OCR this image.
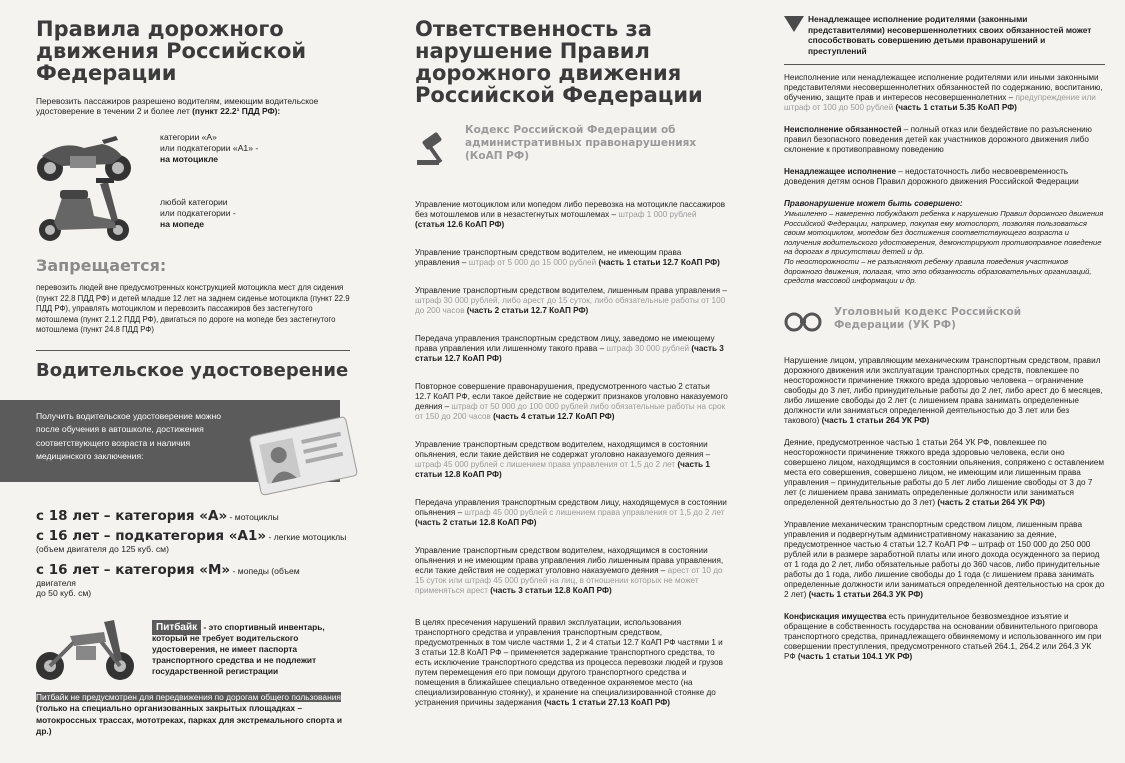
Правила дорожного движения Российской Федерации
Перевозить пассажиров разрешено водителям, имеющим водительское удостоверение в течении 2 и более лет (пункт 22.2¹ ПДД РФ):
категории «А»
или подкатегории «А1» -
на мотоцикле
любой категории
или подкатегории -
на мопеде
Запрещается:
перевозить людей вне предусмотренных конструкцией мотоцикла мест для сидения (пункт 22.8 ПДД РФ) и детей младше 12 лет на заднем сиденье мотоцикла (пункт 22.9 ПДД РФ), управлять мотоциклом и перевозить пассажиров без застегнутого мотошлема (пункт 2.1.2 ПДД РФ), двигаться по дороге на мопеде без застегнутого мотошлема (пункт 24.8 ПДД РФ)
Водительское удостоверение
Получить водительское удостоверение можно после обучения в автошколе, достижения соответствующего возраста и наличия медицинского заключения:
с 18 лет – категория «А» - мотоциклы
с 16 лет – подкатегория «А1» - легкие мотоциклы
(объем двигателя до 125 куб. см)
с 16 лет – категория «М» - мопеды (объем двигателя
до 50 куб. см)
Питбайк - это спортивный инвентарь, который не требует водительского удостоверения, не имеет паспорта транспортного средства и не подлежит государственной регистрации
Питбайк не предусмотрен для передвижения по дорогам общего пользования (только на специально организованных закрытых площадках – мотокроссных трассах, мототреках, парках для экстремального спорта и др.)
Ответственность за нарушение Правил дорожного движения Российской Федерации
Кодекс Российской Федерации об административных правонарушениях (КоАП РФ)

Управление мотоциклом или мопедом либо перевозка на мотоцикле пассажиров без мотошлемов или в незастегнутых мотошлемах – штраф 1 000 рублей (статья 12.6 КоАП РФ)

Управление транспортным средством водителем, не имеющим права управления – штраф от 5 000 до 15 000 рублей (часть 1 статьи 12.7 КоАП РФ)

Управление транспортным средством водителем, лишенным права управления – штраф 30 000 рублей, либо арест до 15 суток, либо обязательные работы от 100 до 200 часов (часть 2 статьи 12.7 КоАП РФ)

Передача управления транспортным средством лицу, заведомо не имеющему права управления или лишенному такого права – штраф 30 000 рублей (часть 3 статьи 12.7 КоАП РФ)

Повторное совершение правонарушения, предусмотренного частью 2 статьи 12.7 КоАП РФ, если такое действие не содержит признаков уголовно наказуемого деяния – штраф от 50 000 до 100 000 рублей либо обязательные работы на срок от 150 до 200 часов (часть 4 статьи 12.7 КоАП РФ)

Управление транспортным средством водителем, находящимся в состоянии опьянения, если такие действия не содержат уголовно наказуемого деяния – штраф 45 000 рублей с лишением права управления от 1,5 до 2 лет (часть 1 статьи 12.8 КоАП РФ)

Передача управления транспортным средством лицу, находящемуся в состоянии опьянения – штраф 45 000 рублей с лишением права управления от 1,5 до 2 лет (часть 2 статьи 12.8 КоАП РФ)

Управление транспортным средством водителем, находящимся в состоянии опьянения и не имеющим права управления либо лишенным права управления, если такие действия не содержат уголовно наказуемого деяния – арест от 10 до 15 суток или штраф 45 000 рублей на лиц, в отношении которых не может применяться арест (часть 3 статьи 12.8 КоАП РФ)

В целях пресечения нарушений правил эксплуатации, использования транспортного средства и управления транспортным средством, предусмотренных в том числе частями 1, 2 и 4 статьи 12.7 КоАП РФ частями 1 и 3 статьи 12.8 КоАП РФ – применяется задержание транспортного средства, то есть исключение транспортного средства из процесса перевозки людей и грузов путем перемещения его при помощи другого транспортного средства и помещения в ближайшее специально отведенное охраняемое место (на специализированную стоянку), и хранение на специализированной стоянке до устранения причины задержания (часть 1 статьи 27.13 КоАП РФ)

Ненадлежащее исполнение родителями (законными представителями) несовершеннолетних своих обязанностей может способствовать совершению детьми правонарушений и преступлений

Неисполнение или ненадлежащее исполнение родителями или иными законными представителями несовершеннолетних обязанностей по содержанию, воспитанию, обучению, защите прав и интересов несовершеннолетних – предупреждение или штраф от 100 до 500 рублей (часть 1 статьи 5.35 КоАП РФ)

Неисполнение обязанностей – полный отказ или бездействие по разъяснению правил безопасного поведения детей как участников дорожного движения либо склонение к противоправному поведению

Ненадлежащее исполнение – недостаточность либо несвоевременность доведения детям основ Правил дорожного движения Российской Федерации

Правонарушение может быть совершено:
Умышленно – намеренно побуждают ребенка к нарушению Правил дорожного движения Российской Федерации, например, покупая ему мотоспорт, позволяя пользоваться своим мотоциклом, мопедом без достижения соответствующего возраста и получения водительского удостоверения, демонстрируют противоправное поведение на дорогах в присутствии детей и др.
По неосторожности – не разъясняют ребенку правила поведения участников дорожного движения, полагая, что это обязанность образовательных организаций, средств массовой информации и др.
Уголовный кодекс Российской Федерации (УК РФ)

Нарушение лицом, управляющим механическим транспортным средством, правил дорожного движения или эксплуатации транспортных средств, повлекшее по неосторожности причинение тяжкого вреда здоровью человека – ограничение свободы до 3 лет, либо принудительные работы до 2 лет, либо арест до 6 месяцев, либо лишение свободы до 2 лет (с лишением права занимать определенные должности или заниматься определенной деятельностью до 3 лет или без такового) (часть 1 статьи 264 УК РФ)

Деяние, предусмотренное частью 1 статьи 264 УК РФ, повлекшее по неосторожности причинение тяжкого вреда здоровью человека, если оно совершено лицом, находящимся в состоянии опьянения, сопряжено с оставлением места его совершения, совершено лицом, не имеющим или лишенным права управления – принудительные работы до 5 лет либо лишение свободы от 3 до 7 лет (с лишением права занимать определенные должности или заниматься определенной деятельностью до 3 лет) (часть 2 статьи 264 УК РФ)

Управление механическим транспортным средством лицом, лишенным права управления и подвергнутым административному наказанию за деяние, предусмотренное частью 4 статьи 12.7 КоАП РФ – штраф от 150 000 до 250 000 рублей или в размере заработной платы или иного дохода осужденного за период от 1 года до 2 лет, либо обязательные работы до 360 часов, либо принудительные работы до 1 года, либо лишение свободы до 1 года (с лишением права занимать определенные должности или заниматься определенной деятельностью на срок до 2 лет) (часть 1 статьи 264.3 УК РФ)

Конфискация имущества есть принудительное безвозмездное изъятие и обращение в собственность государства на основании обвинительного приговора транспортного средства, принадлежащего обвиняемому и использованного им при совершении преступления, предусмотренного статьей 264.1, 264.2 или 264.3 УК РФ (часть 1 статьи 104.1 УК РФ)
